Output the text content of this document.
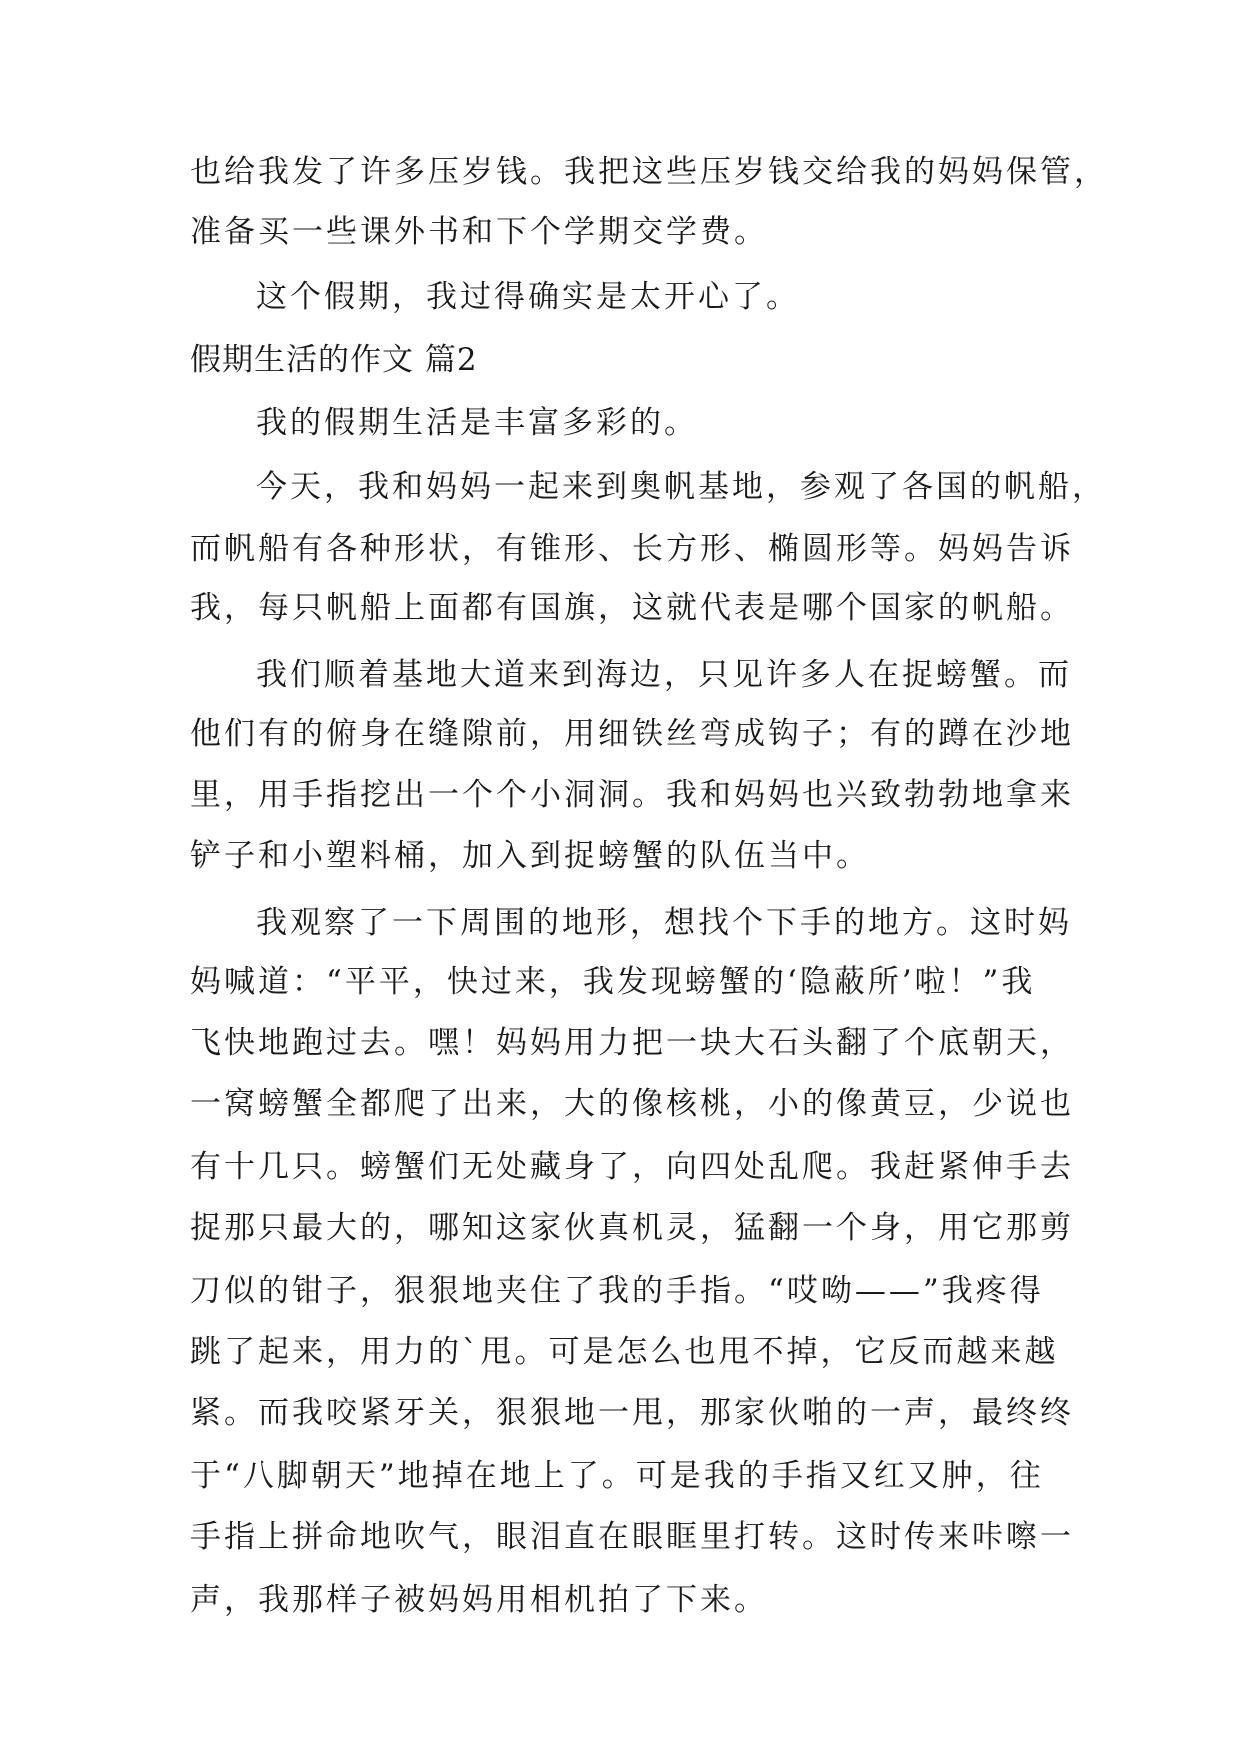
也给我发了许多压岁钱。我把这些压岁钱交给我的妈妈保管，
准备买一些课外书和下个学期交学费。
这个假期，我过得确实是太开心了。
假期生活的作文 篇2
我的假期生活是丰富多彩的。
今天，我和妈妈一起来到奥帆基地，参观了各国的帆船，
而帆船有各种形状，有锥形、长方形、椭圆形等。妈妈告诉
我，每只帆船上面都有国旗，这就代表是哪个国家的帆船。
我们顺着基地大道来到海边，只见许多人在捉螃蟹。而
他们有的俯身在缝隙前，用细铁丝弯成钩子；有的蹲在沙地
里，用手指挖出一个个小洞洞。我和妈妈也兴致勃勃地拿来
铲子和小塑料桶，加入到捉螃蟹的队伍当中。
我观察了一下周围的地形，想找个下手的地方。这时妈
妈喊道：“平平，快过来，我发现螃蟹的‘隐蔽所’啦！”我
飞快地跑过去。嘿！妈妈用力把一块大石头翻了个底朝天，
一窝螃蟹全都爬了出来，大的像核桃，小的像黄豆，少说也
有十几只。螃蟹们无处藏身了，向四处乱爬。我赶紧伸手去
捉那只最大的，哪知这家伙真机灵，猛翻一个身，用它那剪
刀似的钳子，狠狠地夹住了我的手指。“哎呦——”我疼得
跳了起来，用力的`甩。可是怎么也甩不掉，它反而越来越
紧。而我咬紧牙关，狠狠地一甩，那家伙啪的一声，最终终
于“八脚朝天”地掉在地上了。可是我的手指又红又肿，往
手指上拼命地吹气，眼泪直在眼眶里打转。这时传来咔嚓一
声，我那样子被妈妈用相机拍了下来。
